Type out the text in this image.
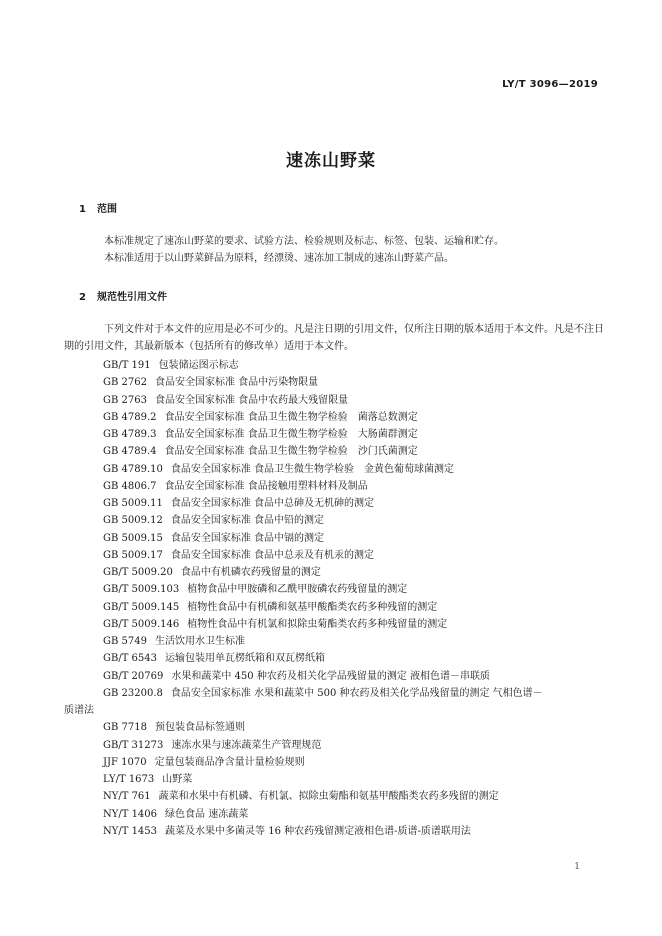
LY/T 3096—2019
速冻山野菜
1 范围
本标准规定了速冻山野菜的要求、试验方法、检验规则及标志、标签、包装、运输和贮存。
本标准适用于以山野菜鲜品为原料，经漂烫、速冻加工制成的速冻山野菜产品。
2 规范性引用文件
下列文件对于本文件的应用是必不可少的。凡是注日期的引用文件，仅所注日期的版本适用于本文件。凡是不注日期的引用文件，其最新版本（包括所有的修改单）适用于本文件。
GB/T 191 包装储运图示标志
GB 2762 食品安全国家标准 食品中污染物限量
GB 2763 食品安全国家标准 食品中农药最大残留限量
GB 4789.2 食品安全国家标准 食品卫生微生物学检验　菌落总数测定
GB 4789.3 食品安全国家标准 食品卫生微生物学检验　大肠菌群测定
GB 4789.4 食品安全国家标准 食品卫生微生物学检验　沙门氏菌测定
GB 4789.10 食品安全国家标准 食品卫生微生物学检验　金黄色葡萄球菌测定
GB 4806.7 食品安全国家标准 食品接触用塑料材料及制品
GB 5009.11 食品安全国家标准 食品中总砷及无机砷的测定
GB 5009.12 食品安全国家标准 食品中铅的测定
GB 5009.15 食品安全国家标准 食品中镉的测定
GB 5009.17 食品安全国家标准 食品中总汞及有机汞的测定
GB/T 5009.20 食品中有机磷农药残留量的测定
GB/T 5009.103 植物食品中甲胺磷和乙酰甲胺磷农药残留量的测定
GB/T 5009.145 植物性食品中有机磷和氨基甲酸酯类农药多种残留的测定
GB/T 5009.146 植物性食品中有机氯和拟除虫菊酯类农药多种残留量的测定
GB 5749 生活饮用水卫生标准
GB/T 6543 运输包装用单瓦楞纸箱和双瓦楞纸箱
GB/T 20769 水果和蔬菜中 450 种农药及相关化学品残留量的测定 液相色谱－串联质
GB 23200.8 食品安全国家标准 水果和蔬菜中 500 种农药及相关化学品残留量的测定 气相色谱－
质谱法
GB 7718 预包装食品标签通则
GB/T 31273 速冻水果与速冻蔬菜生产管理规范
JJF 1070 定量包装商品净含量计量检验规则
LY/T 1673 山野菜
NY/T 761 蔬菜和水果中有机磷、有机氯、拟除虫菊酯和氨基甲酸酯类农药多残留的测定
NY/T 1406 绿色食品 速冻蔬菜
NY/T 1453 蔬菜及水果中多菌灵等 16 种农药残留测定液相色谱-质谱-质谱联用法
1
